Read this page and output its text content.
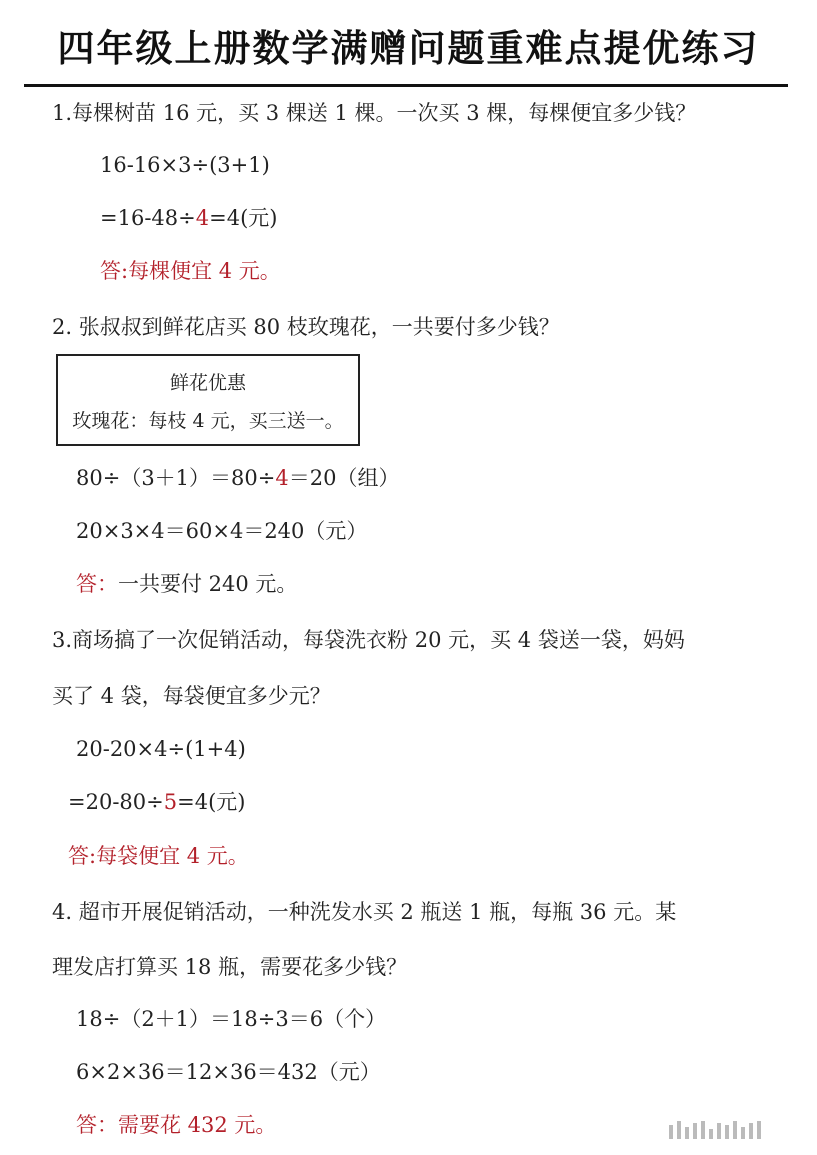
四年级上册数学满赠问题重难点提优练习
1.每棵树苗 16 元，买 3 棵送 1 棵。一次买 3 棵，每棵便宜多少钱？
16-16×3÷(3+1)
=16-48÷4=4(元)
答:每棵便宜 4 元。
2. 张叔叔到鲜花店买 80 枝玫瑰花，一共要付多少钱？
鲜花优惠
玫瑰花：每枝 4 元，买三送一。
80÷（3＋1）＝80÷4＝20（组）
20×3×4＝60×4＝240（元）
答：一共要付 240 元。
3.商场搞了一次促销活动，每袋洗衣粉 20 元，买 4 袋送一袋，妈妈
买了 4 袋，每袋便宜多少元？
20-20×4÷(1+4)
=20-80÷5=4(元)
答:每袋便宜 4 元。
4. 超市开展促销活动，一种洗发水买 2 瓶送 1 瓶，每瓶 36 元。某
理发店打算买 18 瓶，需要花多少钱？
18÷（2＋1）＝18÷3＝6（个）
6×2×36＝12×36＝432（元）
答：需要花 432 元。
